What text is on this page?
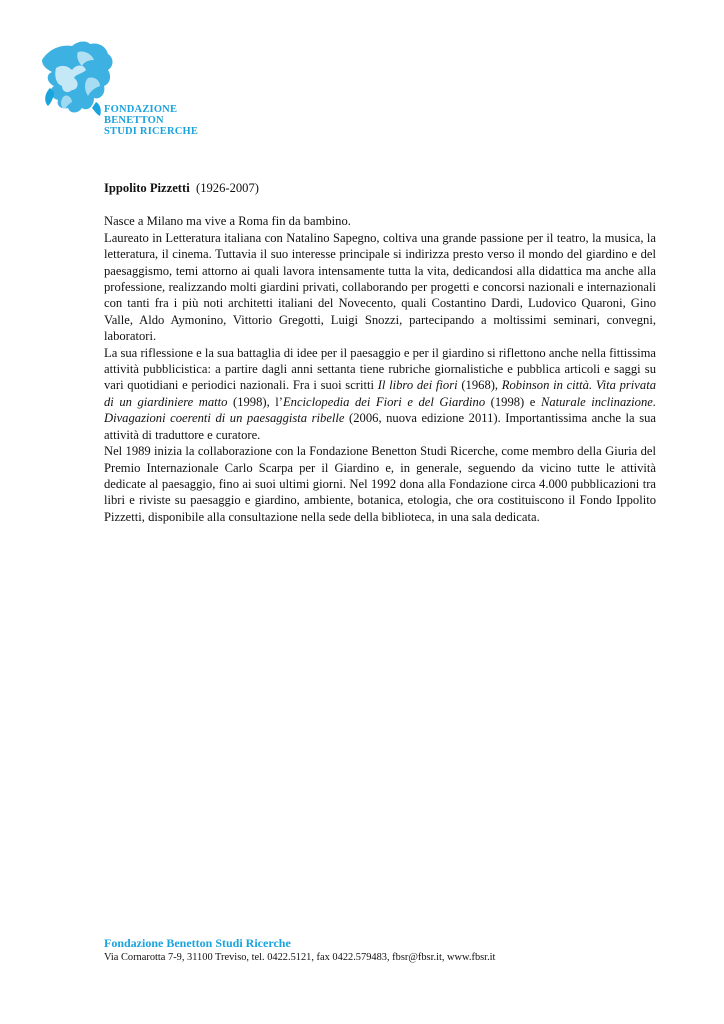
FONDAZIONE
BENETTON
STUDI RICERCHE

Ippolito Pizzetti (1926-2007)

Nasce a Milano ma vive a Roma fin da bambino.

Laureato in Letteratura italiana con Natalino Sapegno, coltiva una grande passione per il teatro, la musica, la letteratura, il cinema. Tuttavia il suo interesse principale si indirizza presto verso il mondo del giardino e del paesaggismo, temi attorno ai quali lavora intensamente tutta la vita, dedicandosi alla didattica ma anche alla professione, realizzando molti giardini privati, collaborando per progetti e concorsi nazionali e internazionali con tanti fra i più noti architetti italiani del Novecento, quali Costantino Dardi, Ludovico Quaroni, Gino Valle, Aldo Aymonino, Vittorio Gregotti, Luigi Snozzi, partecipando a moltissimi seminari, convegni, laboratori.

La sua riflessione e la sua battaglia di idee per il paesaggio e per il giardino si riflettono anche nella fittissima attività pubblicistica: a partire dagli anni settanta tiene rubriche giornalistiche e pubblica articoli e saggi su vari quotidiani e periodici nazionali. Fra i suoi scritti Il libro dei fiori (1968), Robinson in città. Vita privata di un giardiniere matto (1998), l’Enciclopedia dei Fiori e del Giardino (1998) e Naturale inclinazione. Divagazioni coerenti di un paesaggista ribelle (2006, nuova edizione 2011). Importantissima anche la sua attività di traduttore e curatore.

Nel 1989 inizia la collaborazione con la Fondazione Benetton Studi Ricerche, come membro della Giuria del Premio Internazionale Carlo Scarpa per il Giardino e, in generale, seguendo da vicino tutte le attività dedicate al paesaggio, fino ai suoi ultimi giorni. Nel 1992 dona alla Fondazione circa 4.000 pubblicazioni tra libri e riviste su paesaggio e giardino, ambiente, botanica, etologia, che ora costituiscono il Fondo Ippolito Pizzetti, disponibile alla consultazione nella sede della biblioteca, in una sala dedicata.

Fondazione Benetton Studi Ricerche
Via Cornarotta 7-9, 31100 Treviso, tel. 0422.5121, fax 0422.579483, fbsr@fbsr.it, www.fbsr.it
